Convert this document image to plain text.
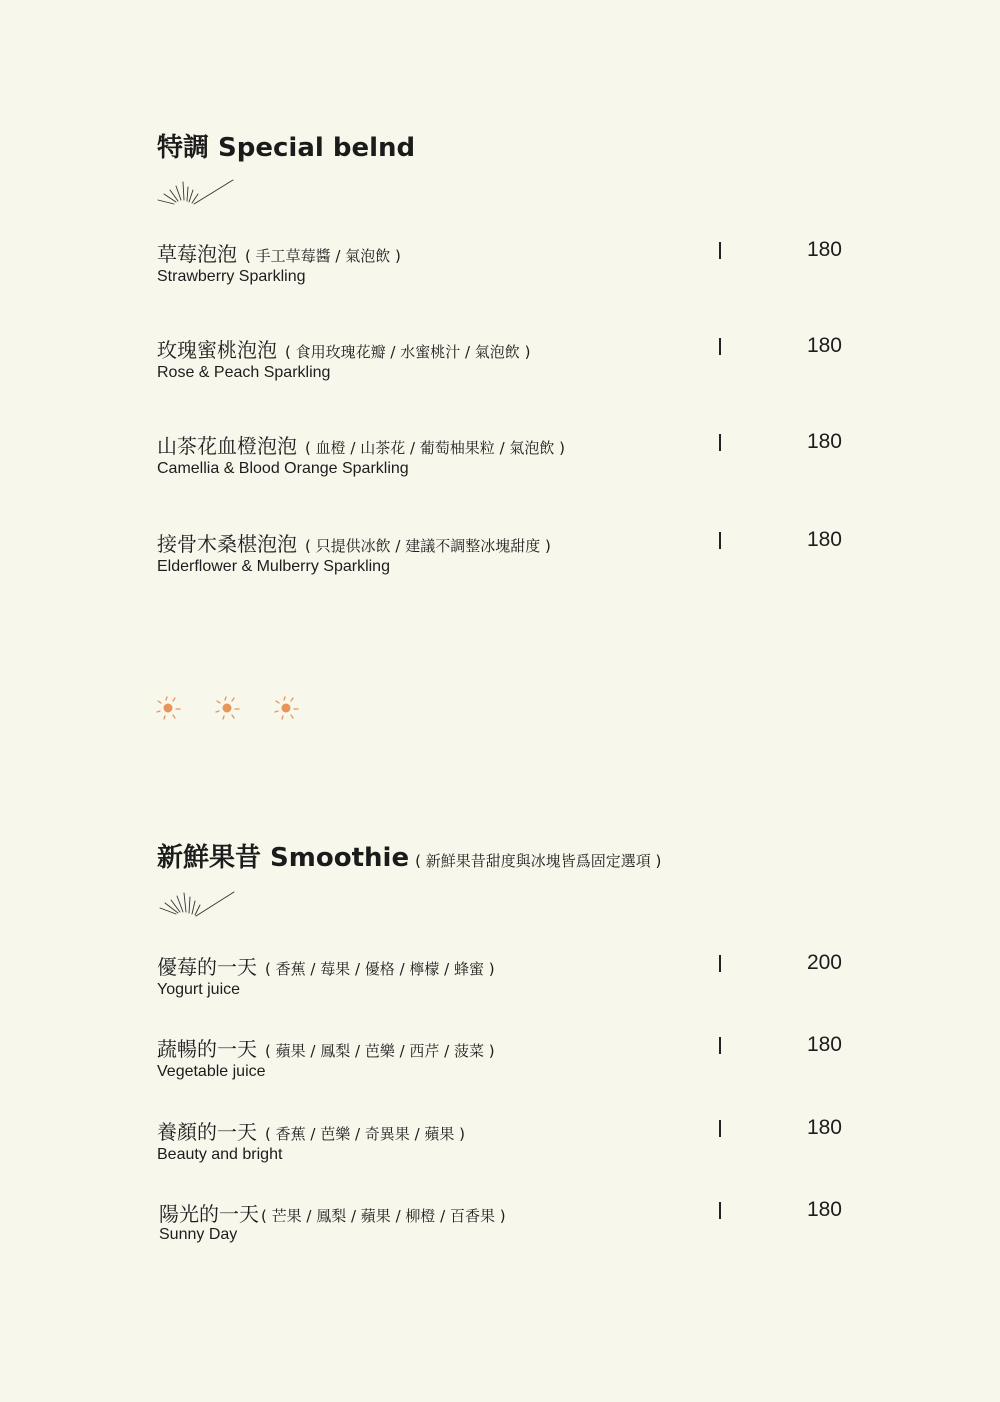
特調 Special belnd
草莓泡泡 ( 手工草莓醬 / 氣泡飲 )
Strawberry Sparkling
180
玫瑰蜜桃泡泡 ( 食用玫瑰花瓣 / 水蜜桃汁 / 氣泡飲 )
Rose & Peach Sparkling
180
山茶花血橙泡泡 ( 血橙 / 山茶花 / 葡萄柚果粒 / 氣泡飲 )
Camellia & Blood Orange Sparkling
180
接骨木桑椹泡泡 ( 只提供冰飲 / 建議不調整冰塊甜度 )
Elderflower & Mulberry Sparkling
180
新鮮果昔 Smoothie ( 新鮮果昔甜度與冰塊皆爲固定選項 )
優莓的一天 ( 香蕉 / 莓果 / 優格 / 檸檬 / 蜂蜜 )
Yogurt juice
200
蔬暢的一天 ( 蘋果 / 鳳梨 / 芭樂 / 西芹 / 菠菜 )
Vegetable juice
180
養顏的一天 ( 香蕉 / 芭樂 / 奇異果 / 蘋果 )
Beauty and bright
180
陽光的一天 ( 芒果 / 鳳梨 / 蘋果 / 柳橙 / 百香果 )
Sunny Day
180
